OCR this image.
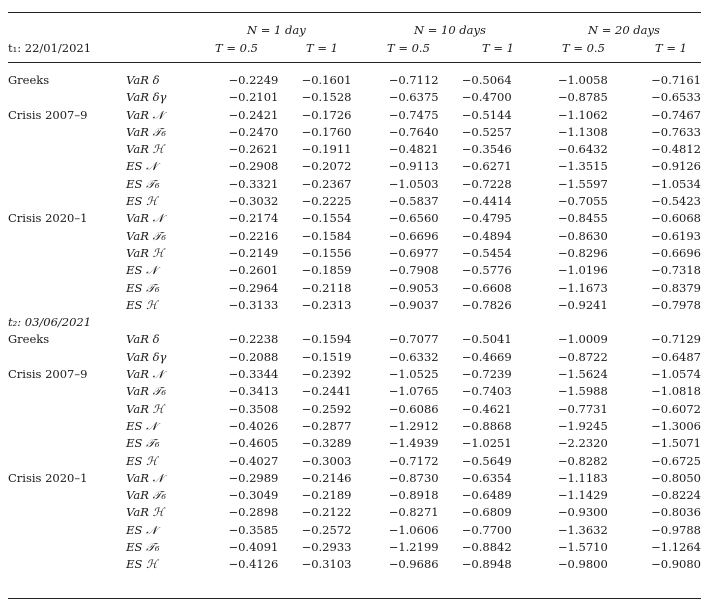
t₁: 22/01/2021
N = 1 day	N = 10 days	N = 20 days
T = 0.5	T = 1	T = 0.5	T = 1	T = 0.5	T = 1
Greeks	VaR δ	−0.2249	−0.1601	−0.7112	−0.5064	−1.0058	−0.7161
	VaR δγ	−0.2101	−0.1528	−0.6375	−0.4700	−0.8785	−0.6533
Crisis 2007–9	VaR 𝒩	−0.2421	−0.1726	−0.7475	−0.5144	−1.1062	−0.7467
	VaR 𝒯₆	−0.2470	−0.1760	−0.7640	−0.5257	−1.1308	−0.7633
	VaR ℋ	−0.2621	−0.1911	−0.4821	−0.3546	−0.6432	−0.4812
	ES 𝒩	−0.2908	−0.2072	−0.9113	−0.6271	−1.3515	−0.9126
	ES 𝒯₆	−0.3321	−0.2367	−1.0503	−0.7228	−1.5597	−1.0534
	ES ℋ	−0.3032	−0.2225	−0.5837	−0.4414	−0.7055	−0.5423
Crisis 2020–1	VaR 𝒩	−0.2174	−0.1554	−0.6560	−0.4795	−0.8455	−0.6068
	VaR 𝒯₆	−0.2216	−0.1584	−0.6696	−0.4894	−0.8630	−0.6193
	VaR ℋ	−0.2149	−0.1556	−0.6977	−0.5454	−0.8296	−0.6696
	ES 𝒩	−0.2601	−0.1859	−0.7908	−0.5776	−1.0196	−0.7318
	ES 𝒯₆	−0.2964	−0.2118	−0.9053	−0.6608	−1.1673	−0.8379
	ES ℋ	−0.3133	−0.2313	−0.9037	−0.7826	−0.9241	−0.7978
t₂: 03/06/2021							
Greeks	VaR δ	−0.2238	−0.1594	−0.7077	−0.5041	−1.0009	−0.7129
	VaR δγ	−0.2088	−0.1519	−0.6332	−0.4669	−0.8722	−0.6487
Crisis 2007–9	VaR 𝒩	−0.3344	−0.2392	−1.0525	−0.7239	−1.5624	−1.0574
	VaR 𝒯₆	−0.3413	−0.2441	−1.0765	−0.7403	−1.5988	−1.0818
	VaR ℋ	−0.3508	−0.2592	−0.6086	−0.4621	−0.7731	−0.6072
	ES 𝒩	−0.4026	−0.2877	−1.2912	−0.8868	−1.9245	−1.3006
	ES 𝒯₆	−0.4605	−0.3289	−1.4939	−1.0251	−2.2320	−1.5071
	ES ℋ	−0.4027	−0.3003	−0.7172	−0.5649	−0.8282	−0.6725
Crisis 2020–1	VaR 𝒩	−0.2989	−0.2146	−0.8730	−0.6354	−1.1183	−0.8050
	VaR 𝒯₆	−0.3049	−0.2189	−0.8918	−0.6489	−1.1429	−0.8224
	VaR ℋ	−0.2898	−0.2122	−0.8271	−0.6809	−0.9300	−0.8036
	ES 𝒩	−0.3585	−0.2572	−1.0606	−0.7700	−1.3632	−0.9788
	ES 𝒯₆	−0.4091	−0.2933	−1.2199	−0.8842	−1.5710	−1.1264
	ES ℋ	−0.4126	−0.3103	−0.9686	−0.8948	−0.9800	−0.9080
